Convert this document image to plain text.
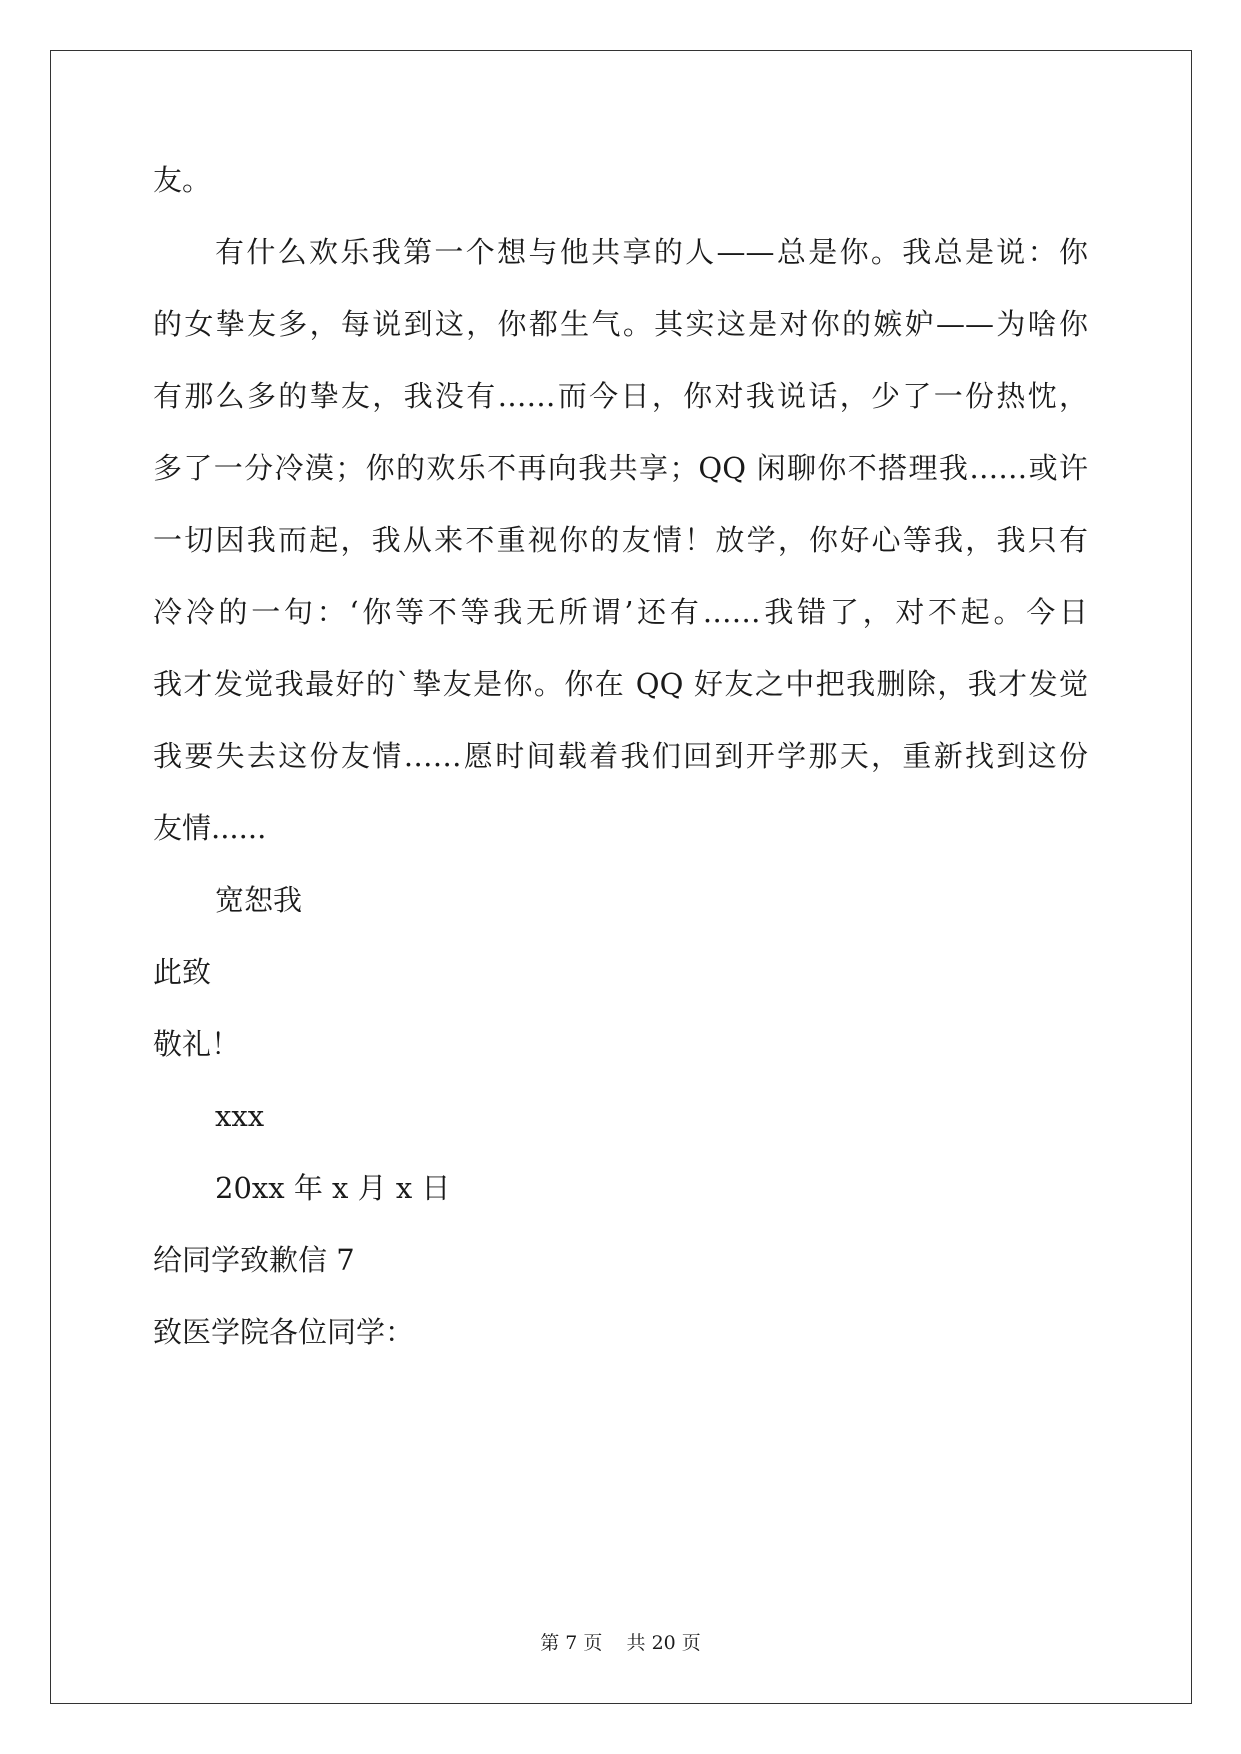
友。
有什么欢乐我第一个想与他共享的人——总是你。我总是说：你
的女挚友多，每说到这，你都生气。其实这是对你的嫉妒——为啥你
有那么多的挚友，我没有……而今日，你对我说话，少了一份热忱，
多了一分冷漠；你的欢乐不再向我共享；QQ 闲聊你不搭理我……或许
一切因我而起，我从来不重视你的友情！放学，你好心等我，我只有
冷冷的一句：‘你等不等我无所谓’还有……我错了，对不起。今日
我才发觉我最好的`挚友是你。你在 QQ 好友之中把我删除，我才发觉
我要失去这份友情……愿时间载着我们回到开学那天，重新找到这份
友情......
宽恕我
此致
敬礼！
xxx
20xx 年 x 月 x 日
给同学致歉信 7
致医学院各位同学：
第 7 页    共 20 页
